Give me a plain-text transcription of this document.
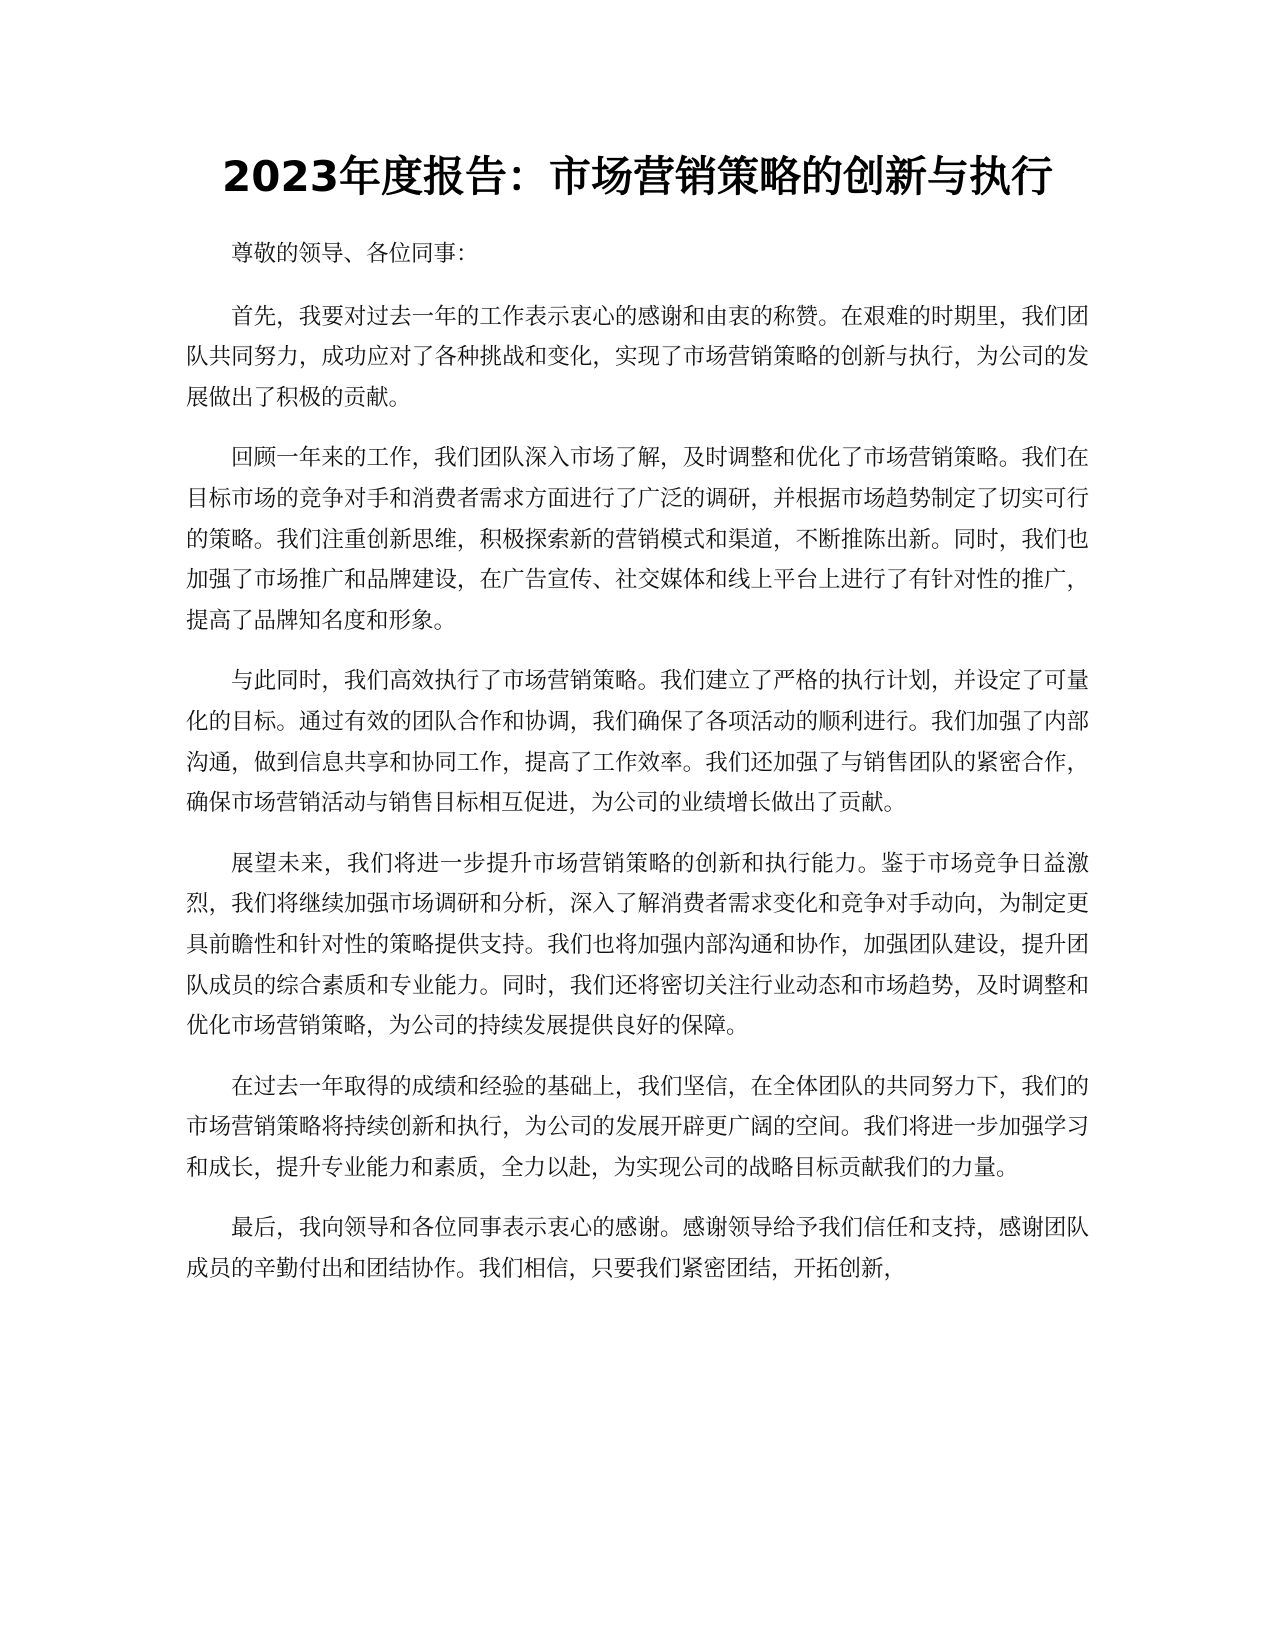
2023年度报告：市场营销策略的创新与执行

尊敬的领导、各位同事：

首先，我要对过去一年的工作表示衷心的感谢和由衷的称赞。在艰难的时期里，我们团队共同努力，成功应对了各种挑战和变化，实现了市场营销策略的创新与执行，为公司的发展做出了积极的贡献。

回顾一年来的工作，我们团队深入市场了解，及时调整和优化了市场营销策略。我们在目标市场的竞争对手和消费者需求方面进行了广泛的调研，并根据市场趋势制定了切实可行的策略。我们注重创新思维，积极探索新的营销模式和渠道，不断推陈出新。同时，我们也加强了市场推广和品牌建设，在广告宣传、社交媒体和线上平台上进行了有针对性的推广，提高了品牌知名度和形象。

与此同时，我们高效执行了市场营销策略。我们建立了严格的执行计划，并设定了可量化的目标。通过有效的团队合作和协调，我们确保了各项活动的顺利进行。我们加强了内部沟通，做到信息共享和协同工作，提高了工作效率。我们还加强了与销售团队的紧密合作，确保市场营销活动与销售目标相互促进，为公司的业绩增长做出了贡献。

展望未来，我们将进一步提升市场营销策略的创新和执行能力。鉴于市场竞争日益激烈，我们将继续加强市场调研和分析，深入了解消费者需求变化和竞争对手动向，为制定更具前瞻性和针对性的策略提供支持。我们也将加强内部沟通和协作，加强团队建设，提升团队成员的综合素质和专业能力。同时，我们还将密切关注行业动态和市场趋势，及时调整和优化市场营销策略，为公司的持续发展提供良好的保障。

在过去一年取得的成绩和经验的基础上，我们坚信，在全体团队的共同努力下，我们的市场营销策略将持续创新和执行，为公司的发展开辟更广阔的空间。我们将进一步加强学习和成长，提升专业能力和素质，全力以赴，为实现公司的战略目标贡献我们的力量。

最后，我向领导和各位同事表示衷心的感谢。感谢领导给予我们信任和支持，感谢团队成员的辛勤付出和团结协作。我们相信，只要我们紧密团结，开拓创新，
